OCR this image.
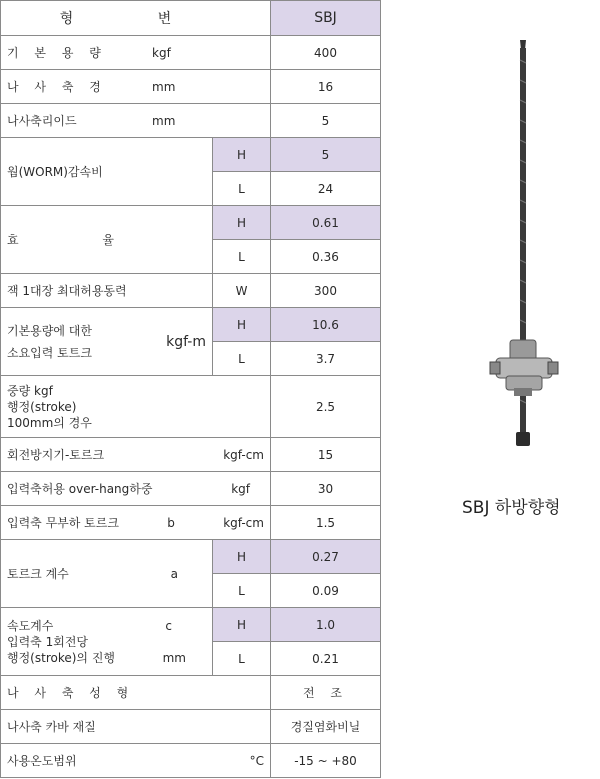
형 변		SBJ

기 본 용 량 kgf		400

나 사 축 경 mm		16

나사축리이드 mm		5
웜(WORM)감속비	H	5
	L	24
효 율	H	0.61
	L	0.36
잭 1대장 최대허용동력	W	300

기본용량에 대한
소요입력 토트크
kgf-m	H	10.6
	L	3.7

중량 kgf
행정(stroke)
100mm의 경우		2.5

회전방지기-토르크 kgf-cm		15

입력축허용 over-hang하중 kgf		30

입력축 무부하 토르크 b kgf-cm		1.5

토르크 계수 a	H	0.27
	L	0.09

속도계수 c
입력축 1회전당
행정(stroke)의 진행 mm	H	1.0
	L	0.21
나 사 축 성 형		전 조
나사축 카바 재질		경질염화비닐

사용온도범위 °C		-15 ~ +80
SBJ 하방향형
